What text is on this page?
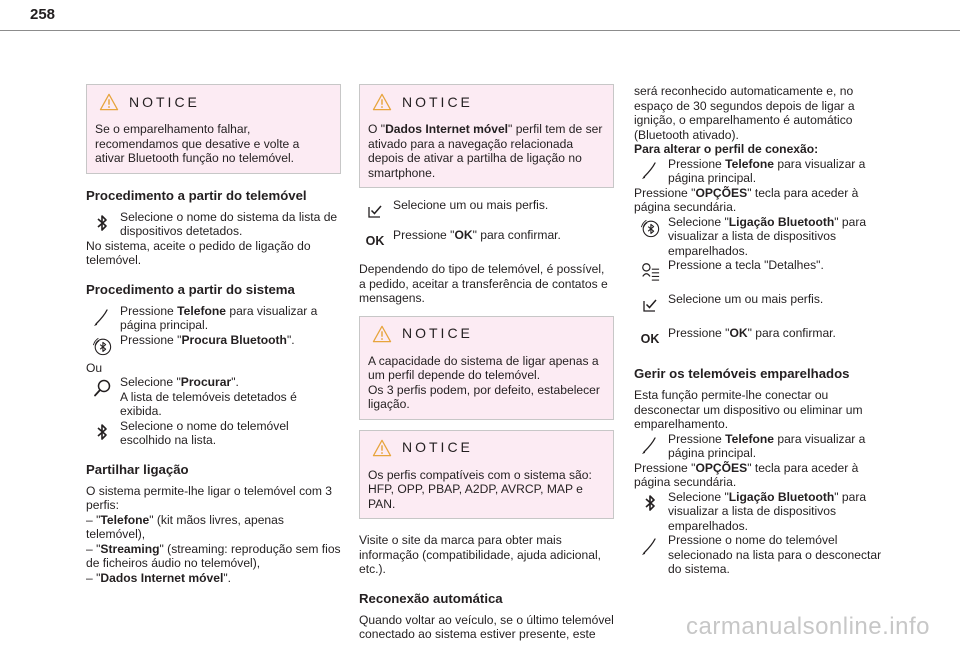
258
NOTICE

Se o emparelhamento falhar, recomendamos que desative e volte a ativar Bluetooth função no telemóvel.

Procedimento a partir do telemóvel

Selecione o nome do sistema da lista de dispositivos detetados.

No sistema, aceite o pedido de ligação do telemóvel.

Procedimento a partir do sistema

Pressione Telefone para visualizar a página principal.

Pressione "Procura Bluetooth".

Ou

Selecione "Procurar".
A lista de telemóveis detetados é exibida.

Selecione o nome do telemóvel escolhido na lista.

Partilhar ligação

O sistema permite-lhe ligar o telemóvel com 3 perfis:

– "Telefone" (kit mãos livres, apenas telemóvel),

– "Streaming" (streaming: reprodução sem fios de ficheiros áudio no telemóvel),

– "Dados Internet móvel".

NOTICE

O "Dados Internet móvel" perfil tem de ser ativado para a navegação relacionada depois de ativar a partilha de ligação no smartphone.

Selecione um ou mais perfis.

OK Pressione "OK" para confirmar.

Dependendo do tipo de telemóvel, é possível, a pedido, aceitar a transferência de contatos e mensagens.

NOTICE

A capacidade do sistema de ligar apenas a um perfil depende do telemóvel.

Os 3 perfis podem, por defeito, estabelecer ligação.

NOTICE

Os perfis compatíveis com o sistema são: HFP, OPP, PBAP, A2DP, AVRCP, MAP e PAN.

Visite o site da marca para obter mais informação (compatibilidade, ajuda adicional, etc.).

Reconexão automática

Quando voltar ao veículo, se o último telemóvel conectado ao sistema estiver presente, este

será reconhecido automaticamente e, no espaço de 30 segundos depois de ligar a ignição, o emparelhamento é automático (Bluetooth ativado).

Para alterar o perfil de conexão:

Pressione Telefone para visualizar a página principal.

Pressione "OPÇÕES" tecla para aceder à página secundária.

Selecione "Ligação Bluetooth" para visualizar a lista de dispositivos emparelhados.

Pressione a tecla "Detalhes".

Selecione um ou mais perfis.

OK Pressione "OK" para confirmar.

Gerir os telemóveis emparelhados

Esta função permite-lhe conectar ou desconectar um dispositivo ou eliminar um emparelhamento.

Pressione Telefone para visualizar a página principal.

Pressione "OPÇÕES" tecla para aceder à página secundária.

Selecione "Ligação Bluetooth" para visualizar a lista de dispositivos emparelhados.

Pressione o nome do telemóvel selecionado na lista para o desconectar do sistema.

carmanualsonline.info
